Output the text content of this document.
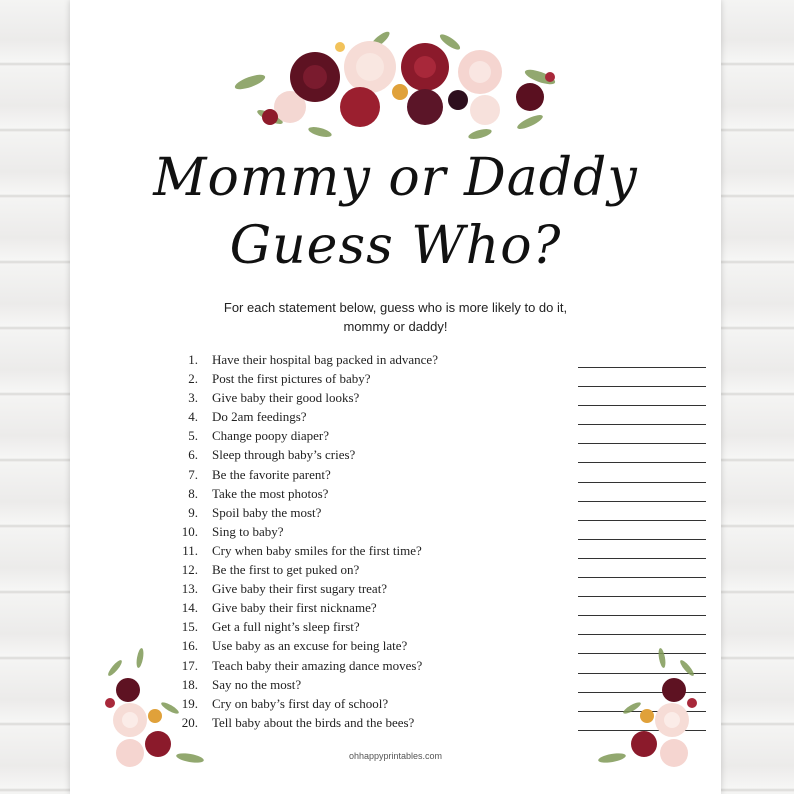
Mommy or Daddy
Guess Who?
For each statement below, guess who is more likely to do it,
mommy or daddy!
1. Have their hospital bag packed in advance?
2. Post the first pictures of baby?
3. Give baby their good looks?
4. Do 2am feedings?
5. Change poopy diaper?
6. Sleep through baby’s cries?
7. Be the favorite parent?
8. Take the most photos?
9. Spoil baby the most?
10. Sing to baby?
11. Cry when baby smiles for the first time?
12. Be the first to get puked on?
13. Give baby their first sugary treat?
14. Give baby their first nickname?
15. Get a full night’s sleep first?
16. Use baby as an excuse for being late?
17. Teach baby their amazing dance moves?
18. Say no the most?
19. Cry on baby’s first day of school?
20. Tell baby about the birds and the bees?
ohhappyprintables.com
